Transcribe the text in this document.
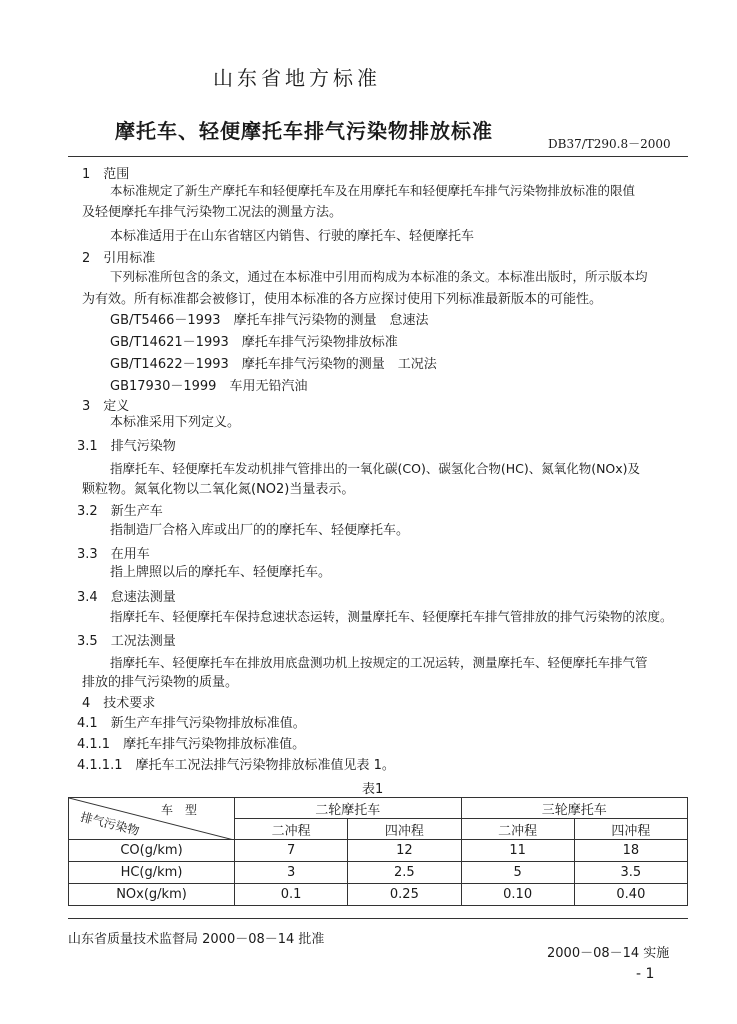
山东省地方标准
摩托车、轻便摩托车排气污染物排放标准
DB37/T290.8－2000
1　 范围
本标准规定了新生产摩托车和轻便摩托车及在用摩托车和轻便摩托车排气污染物排放标准的限值
及轻便摩托车排气污染物工况法的测量方法。
本标准适用于在山东省辖区内销售、行驶的摩托车、轻便摩托车
2　 引用标准
下列标准所包含的条文，通过在本标准中引用而构成为本标准的条文。本标准出版时，所示版本均
为有效。所有标准都会被修订，使用本标准的各方应探讨使用下列标准最新版本的可能性。
GB/T5466－1993　 摩托车排气污染物的测量　怠速法
GB/T14621－1993　 摩托车排气污染物排放标准
GB/T14622－1993　 摩托车排气污染物的测量　工况法
GB17930－1999　 车用无铅汽油
3　 定义
本标准采用下列定义。
3.1　 排气污染物
指摩托车、轻便摩托车发动机排气管排出的一氧化碳(CO)、碳氢化合物(HC)、氮氧化物(NOx)及
颗粒物。氮氧化物以二氧化氮(NO2)当量表示。
3.2　 新生产车
指制造厂合格入库或出厂的的摩托车、轻便摩托车。
3.3　 在用车
指上牌照以后的摩托车、轻便摩托车。
3.4　 怠速法测量
指摩托车、轻便摩托车保持怠速状态运转，测量摩托车、轻便摩托车排气管排放的排气污染物的浓度。
3.5　 工况法测量
指摩托车、轻便摩托车在排放用底盘测功机上按规定的工况运转，测量摩托车、轻便摩托车排气管
排放的排气污染物的质量。
4　 技术要求
4.1　 新生产车排气污染物排放标准值。
4.1.1　 摩托车排气污染物排放标准值。
4.1.1.1　 摩托车工况法排气污染物排放标准值见表 1。
表1
车　型
排气污染物	二轮摩托车		三轮摩托车	
	二冲程	四冲程	二冲程	四冲程
CO(g/km)	7	12	11	18
HC(g/km)	3	2.5	5	3.5
NOx(g/km)	0.1	0.25	0.10	0.40
山东省质量技术监督局 2000－08－14 批准
2000－08－14 实施
- 1
